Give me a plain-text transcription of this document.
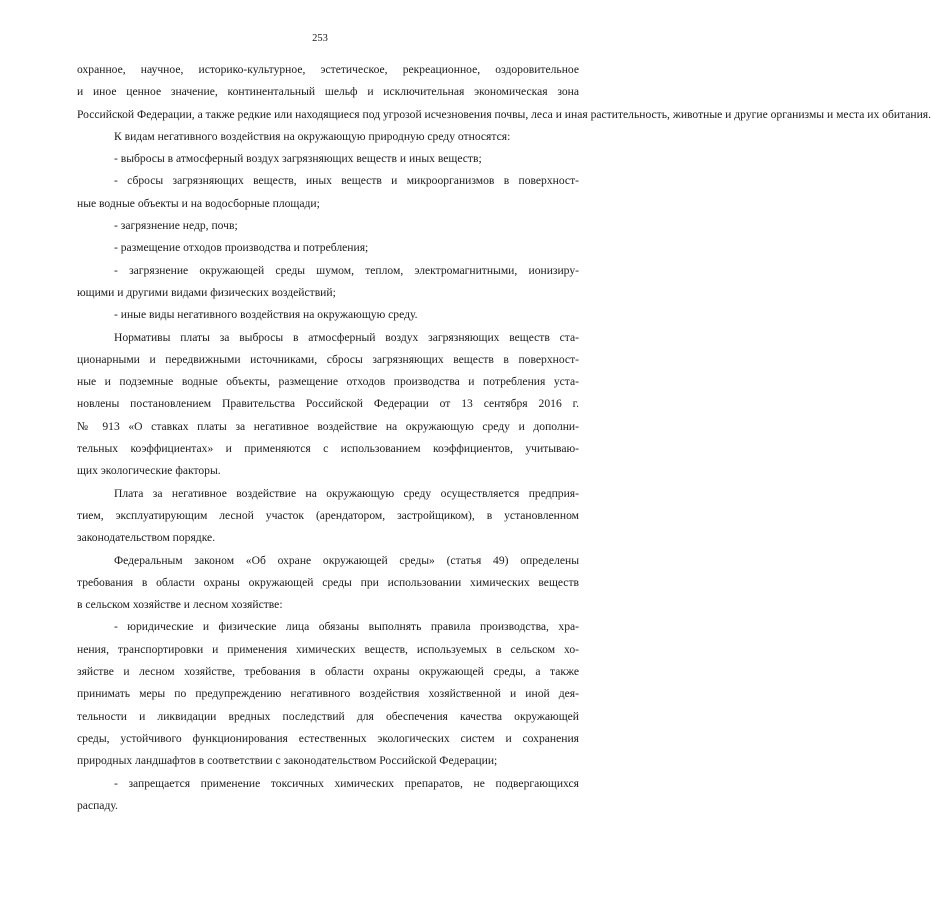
253
охранное, научное, историко-культурное, эстетическое, рекреационное, оздоровительное
и иное ценное значение, континентальный шельф и исключительная экономическая зона
Российской Федерации, а также редкие или находящиеся под угрозой исчезновения почвы, леса и иная растительность, животные и другие организмы и места их обитания.
К видам негативного воздействия на окружающую природную среду относятся:
- выбросы в атмосферный воздух загрязняющих веществ и иных веществ;
- сбросы загрязняющих веществ, иных веществ и микроорганизмов в поверхност-
ные водные объекты и на водосборные площади;
- загрязнение недр, почв;
- размещение отходов производства и потребления;
- загрязнение окружающей среды шумом, теплом, электромагнитными, ионизиру-
ющими и другими видами физических воздействий;
- иные виды негативного воздействия на окружающую среду.
Нормативы платы за выбросы в атмосферный воздух загрязняющих веществ ста-
ционарными и передвижными источниками, сбросы загрязняющих веществ в поверхност-
ные и подземные водные объекты, размещение отходов производства и потребления уста-
новлены постановлением Правительства Российской Федерации от 13 сентября 2016 г.
№ 913 «О ставках платы за негативное воздействие на окружающую среду и дополни-
тельных коэффициентах» и применяются с использованием коэффициентов, учитываю-
щих экологические факторы.
Плата за негативное воздействие на окружающую среду осуществляется предприя-
тием, эксплуатирующим лесной участок (арендатором, застройщиком), в установленном
законодательством порядке.
Федеральным законом «Об охране окружающей среды» (статья 49) определены
требования в области охраны окружающей среды при использовании химических веществ
в сельском хозяйстве и лесном хозяйстве:
- юридические и физические лица обязаны выполнять правила производства, хра-
нения, транспортировки и применения химических веществ, используемых в сельском хо-
зяйстве и лесном хозяйстве, требования в области охраны окружающей среды, а также
принимать меры по предупреждению негативного воздействия хозяйственной и иной дея-
тельности и ликвидации вредных последствий для обеспечения качества окружающей
среды, устойчивого функционирования естественных экологических систем и сохранения
природных ландшафтов в соответствии с законодательством Российской Федерации;
- запрещается применение токсичных химических препаратов, не подвергающихся
распаду.
